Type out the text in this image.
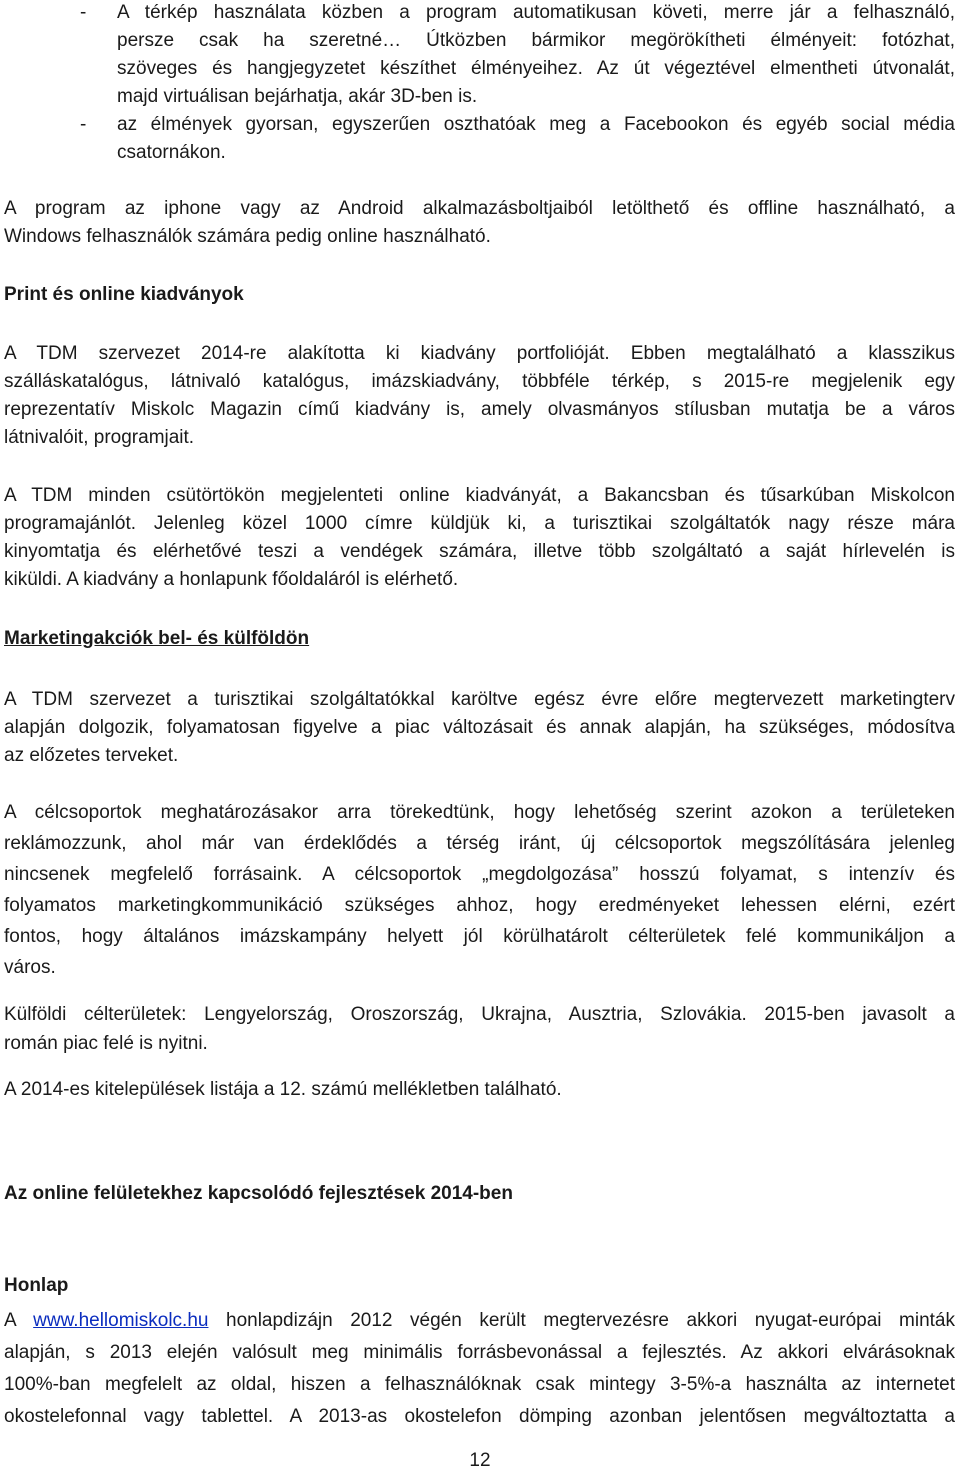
- A térkép használata közben a program automatikusan követi, merre jár a felhasználó,

persze csak ha szeretné… Útközben bármikor megörökítheti élményeit: fotózhat,

szöveges és hangjegyzetet készíthet élményeihez. Az út végeztével elmentheti útvonalát,

majd virtuálisan bejárhatja, akár 3D-ben is.

- az élmények gyorsan, egyszerűen oszthatóak meg a Facebookon és egyéb social média

csatornákon.

A program az iphone vagy az Android alkalmazásboltjaiból letölthető és offline használható, a

Windows felhasználók számára pedig online használható.

Print és online kiadványok

A TDM szervezet 2014-re alakította ki kiadvány portfolióját. Ebben megtalálható a klasszikus

szálláskatalógus, látnivaló katalógus, imázskiadvány, többféle térkép, s 2015-re megjelenik egy

reprezentatív Miskolc Magazin című kiadvány is, amely olvasmányos stílusban mutatja be a város

látnivalóit, programjait.

A TDM minden csütörtökön megjelenteti online kiadványát, a Bakancsban és tűsarkúban Miskolcon

programajánlót. Jelenleg közel 1000 címre küldjük ki, a turisztikai szolgáltatók nagy része mára

kinyomtatja és elérhetővé teszi a vendégek számára, illetve több szolgáltató a saját hírlevelén is

kiküldi. A kiadvány a honlapunk főoldaláról is elérhető.

Marketingakciók bel- és külföldön

A TDM szervezet a turisztikai szolgáltatókkal karöltve egész évre előre megtervezett marketingterv

alapján dolgozik, folyamatosan figyelve a piac változásait és annak alapján, ha szükséges, módosítva

az előzetes terveket.

A célcsoportok meghatározásakor arra törekedtünk, hogy lehetőség szerint azokon a területeken

reklámozzunk, ahol már van érdeklődés a térség iránt, új célcsoportok megszólítására jelenleg

nincsenek megfelelő forrásaink. A célcsoportok „megdolgozása” hosszú folyamat, s intenzív és

folyamatos marketingkommunikáció szükséges ahhoz, hogy eredményeket lehessen elérni, ezért

fontos, hogy általános imázskampány helyett jól körülhatárolt célterületek felé kommunikáljon a

város.

Külföldi célterületek: Lengyelország, Oroszország, Ukrajna, Ausztria, Szlovákia. 2015-ben javasolt a

román piac felé is nyitni.

A 2014-es kitelepülések listája a 12. számú mellékletben található.

Az online felületekhez kapcsolódó fejlesztések 2014-ben

Honlap

A www.hellomiskolc.hu honlapdizájn 2012 végén került megtervezésre akkori nyugat-európai minták

alapján, s 2013 elején valósult meg minimális forrásbevonással a fejlesztés. Az akkori elvárásoknak

100%-ban megfelelt az oldal, hiszen a felhasználóknak csak mintegy 3-5%-a használta az internetet

okostelefonnal vagy tablettel. A 2013-as okostelefon dömping azonban jelentősen megváltoztatta a

12
